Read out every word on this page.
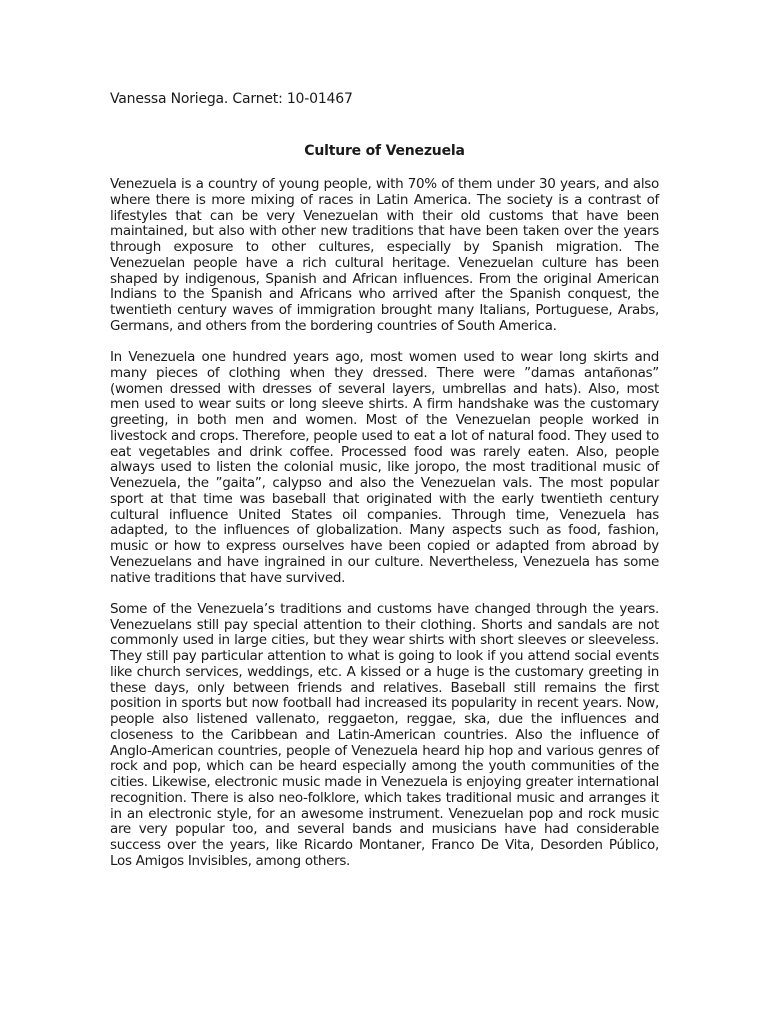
Vanessa Noriega. Carnet: 10-01467
Culture of Venezuela

Venezuela is a country of young people, with 70% of them under 30 years, and also where there is more mixing of races in Latin America. The society is a contrast of lifestyles that can be very Venezuelan with their old customs that have been maintained, but also with other new traditions that have been taken over the years through exposure to other cultures, especially by Spanish migration. The Venezuelan people have a rich cultural heritage. Venezuelan culture has been shaped by indigenous, Spanish and African influences. From the original American Indians to the Spanish and Africans who arrived after the Spanish conquest, the twentieth century waves of immigration brought many Italians, Portuguese, Arabs, Germans, and others from the bordering countries of South America.

In Venezuela one hundred years ago, most women used to wear long skirts and many pieces of clothing when they dressed. There were ”damas antañonas” (women dressed with dresses of several layers, umbrellas and hats). Also, most men used to wear suits or long sleeve shirts. A firm handshake was the customary greeting, in both men and women. Most of the Venezuelan people worked in livestock and crops. Therefore, people used to eat a lot of natural food. They used to eat vegetables and drink coffee. Processed food was rarely eaten. Also, people always used to listen the colonial music, like joropo, the most traditional music of Venezuela, the ”gaita”, calypso and also the Venezuelan vals. The most popular sport at that time was baseball that originated with the early twentieth century cultural influence United States oil companies. Through time, Venezuela has adapted, to the influences of globalization. Many aspects such as food, fashion, music or how to express ourselves have been copied or adapted from abroad by Venezuelans and have ingrained in our culture. Nevertheless, Venezuela has some native traditions that have survived.

Some of the Venezuela’s traditions and customs have changed through the years. Venezuelans still pay special attention to their clothing. Shorts and sandals are not commonly used in large cities, but they wear shirts with short sleeves or sleeveless. They still pay particular attention to what is going to look if you attend social events like church services, weddings, etc. A kissed or a huge is the customary greeting in these days, only between friends and relatives. Baseball still remains the first position in sports but now football had increased its popularity in recent years. Now, people also listened vallenato, reggaeton, reggae, ska, due the influences and closeness to the Caribbean and Latin-American countries. Also the influence of Anglo-American countries, people of Venezuela heard hip hop and various genres of rock and pop, which can be heard especially among the youth communities of the cities. Likewise, electronic music made in Venezuela is enjoying greater international recognition. There is also neo-folklore, which takes traditional music and arranges it in an electronic style, for an awesome instrument. Venezuelan pop and rock music are very popular too, and several bands and musicians have had considerable success over the years, like Ricardo Montaner, Franco De Vita, Desorden Público, Los Amigos Invisibles, among others.
